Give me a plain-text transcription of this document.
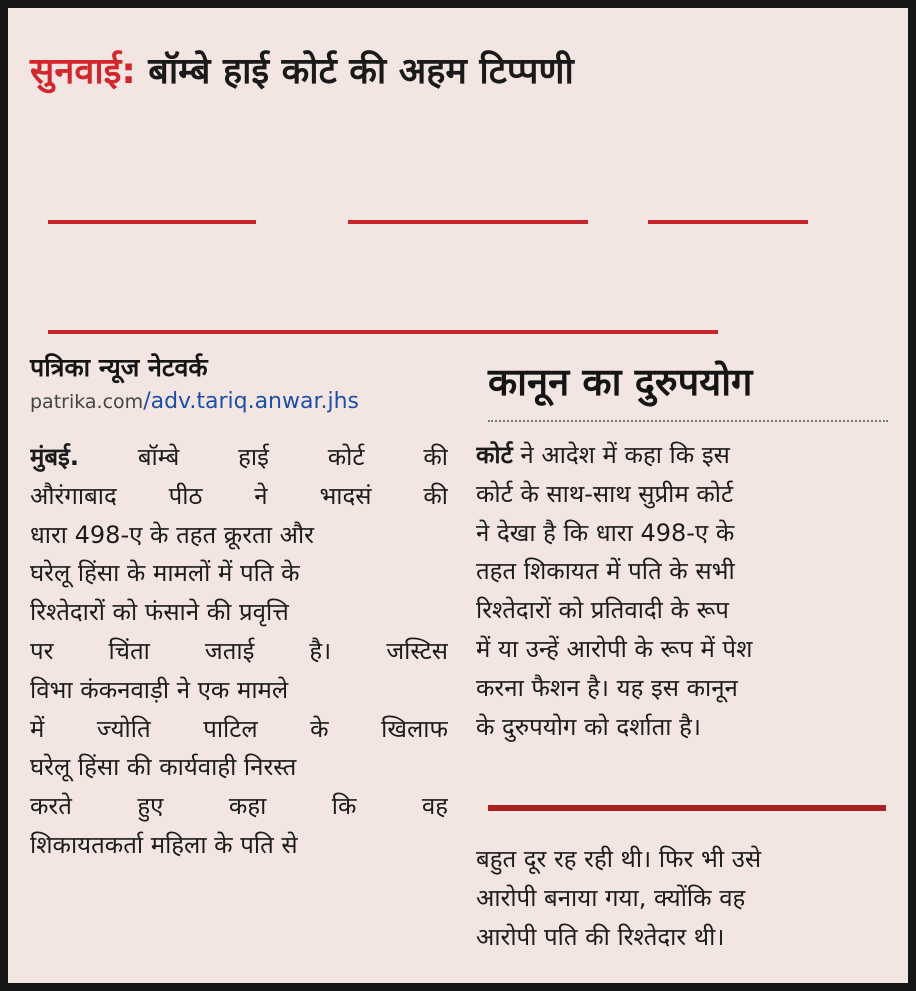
सुनवाई: बॉम्बे हाई कोर्ट की अहम टिप्पणी
पत्रिका न्यूज नेटवर्क
patrika.com/adv.tariq.anwar.jhs	कानून का दुरुपयोग
मुंबई. बॉम्बे हाई कोर्ट की
औरंगाबाद पीठ ने भादसं की
धारा 498-ए के तहत क्रूरता और
घरेलू हिंसा के मामलों में पति के
रिश्तेदारों को फंसाने की प्रवृत्ति
पर चिंता जताई है। जस्टिस
विभा कंकनवाड़ी ने एक मामले
में ज्योति पाटिल के खिलाफ
घरेलू हिंसा की कार्यवाही निरस्त
करते हुए कहा कि वह
शिकायतकर्ता महिला के पति से
कोर्ट ने आदेश में कहा कि इस
कोर्ट के साथ-साथ सुप्रीम कोर्ट
ने देखा है कि धारा 498-ए के
तहत शिकायत में पति के सभी
रिश्तेदारों को प्रतिवादी के रूप
में या उन्हें आरोपी के रूप में पेश
करना फैशन है। यह इस कानून
के दुरुपयोग को दर्शाता है।
बहुत दूर रह रही थी। फिर भी उसे
आरोपी बनाया गया, क्योंकि वह
आरोपी पति की रिश्तेदार थी।
